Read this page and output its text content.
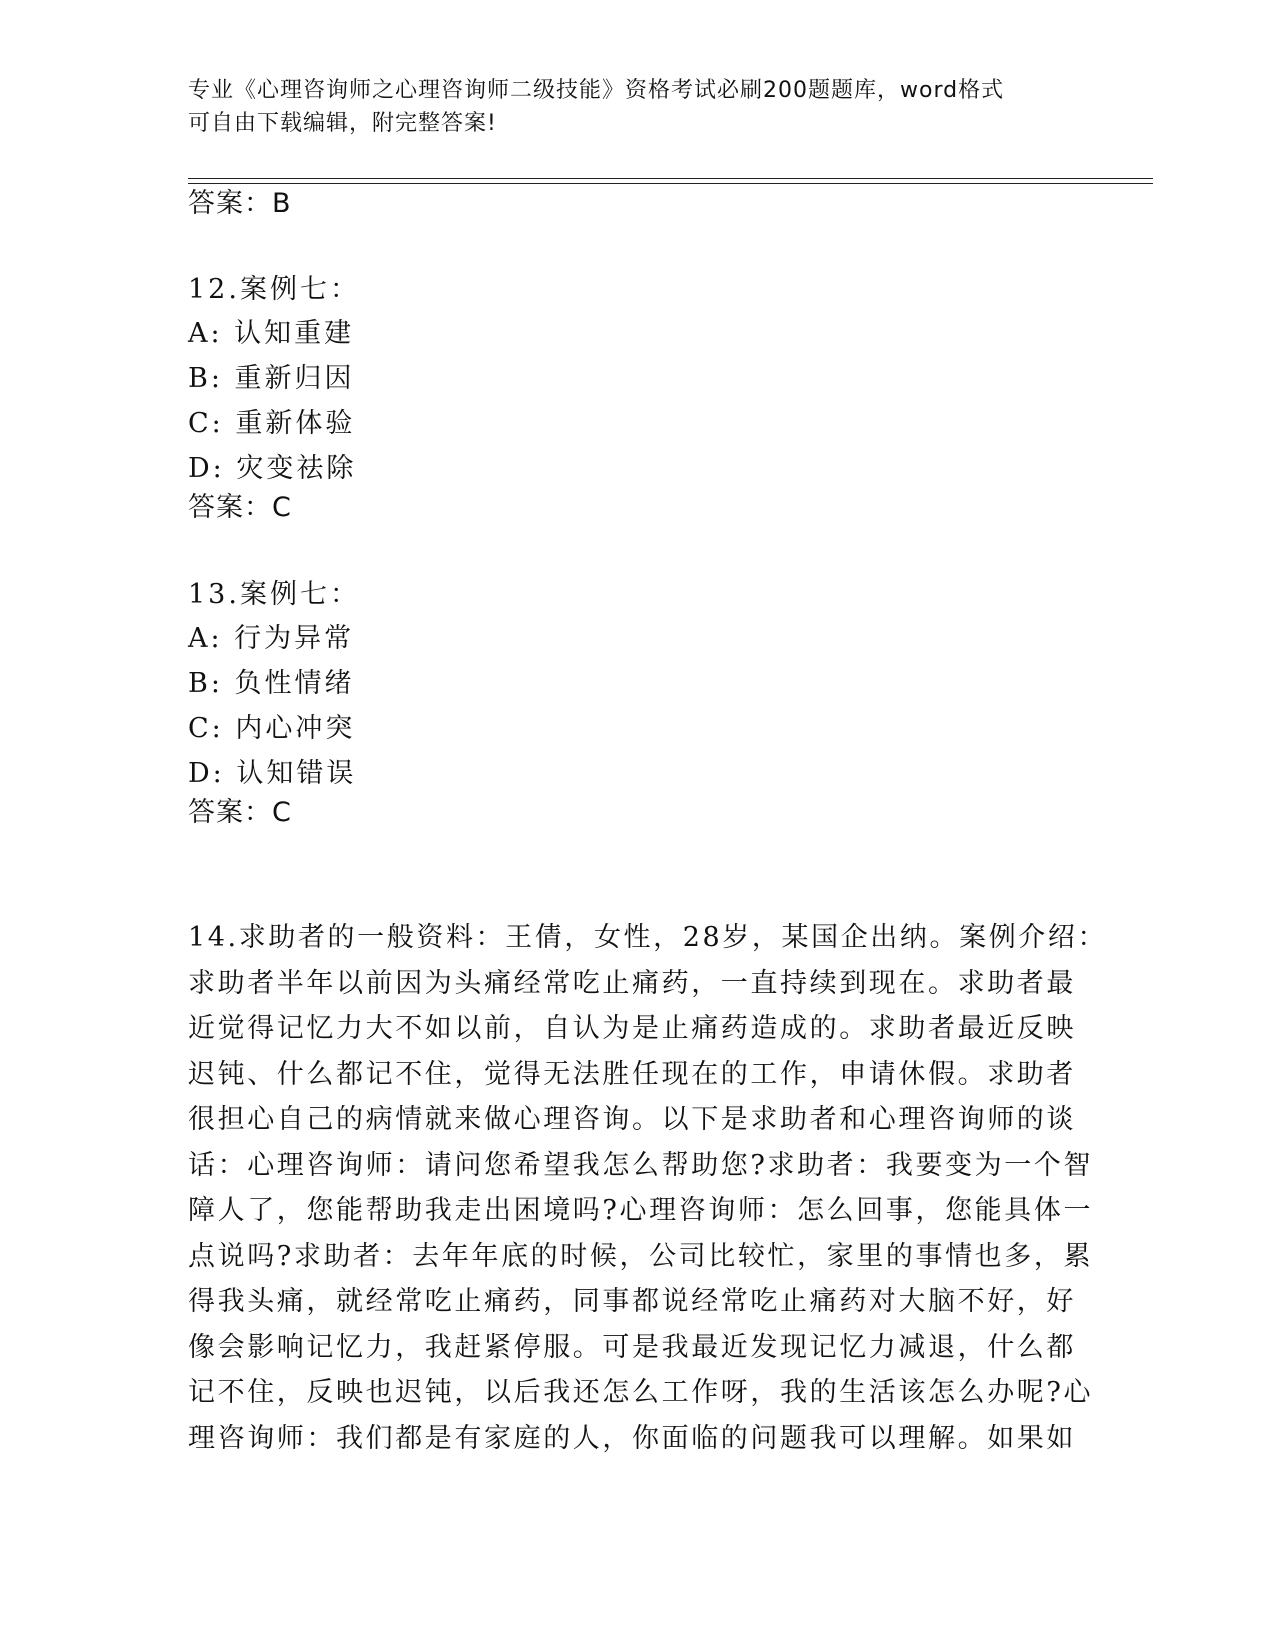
专业《心理咨询师之心理咨询师二级技能》资格考试必刷200题题库，word格式
可自由下载编辑，附完整答案!
答案：B
12.案例七：
A: 认知重建
B: 重新归因
C: 重新体验
D: 灾变祛除
答案：C
13.案例七：
A: 行为异常
B: 负性情绪
C: 内心冲突
D: 认知错误
答案：C
14.求助者的一般资料：王倩，女性，28岁，某国企出纳。案例介绍：
求助者半年以前因为头痛经常吃止痛药，一直持续到现在。求助者最
近觉得记忆力大不如以前，自认为是止痛药造成的。求助者最近反映
迟钝、什么都记不住，觉得无法胜任现在的工作，申请休假。求助者
很担心自己的病情就来做心理咨询。以下是求助者和心理咨询师的谈
话：心理咨询师：请问您希望我怎么帮助您?求助者：我要变为一个智
障人了，您能帮助我走出困境吗?心理咨询师：怎么回事，您能具体一
点说吗?求助者：去年年底的时候，公司比较忙，家里的事情也多，累
得我头痛，就经常吃止痛药，同事都说经常吃止痛药对大脑不好，好
像会影响记忆力，我赶紧停服。可是我最近发现记忆力减退，什么都
记不住，反映也迟钝，以后我还怎么工作呀，我的生活该怎么办呢?心
理咨询师：我们都是有家庭的人，你面临的问题我可以理解。如果如
